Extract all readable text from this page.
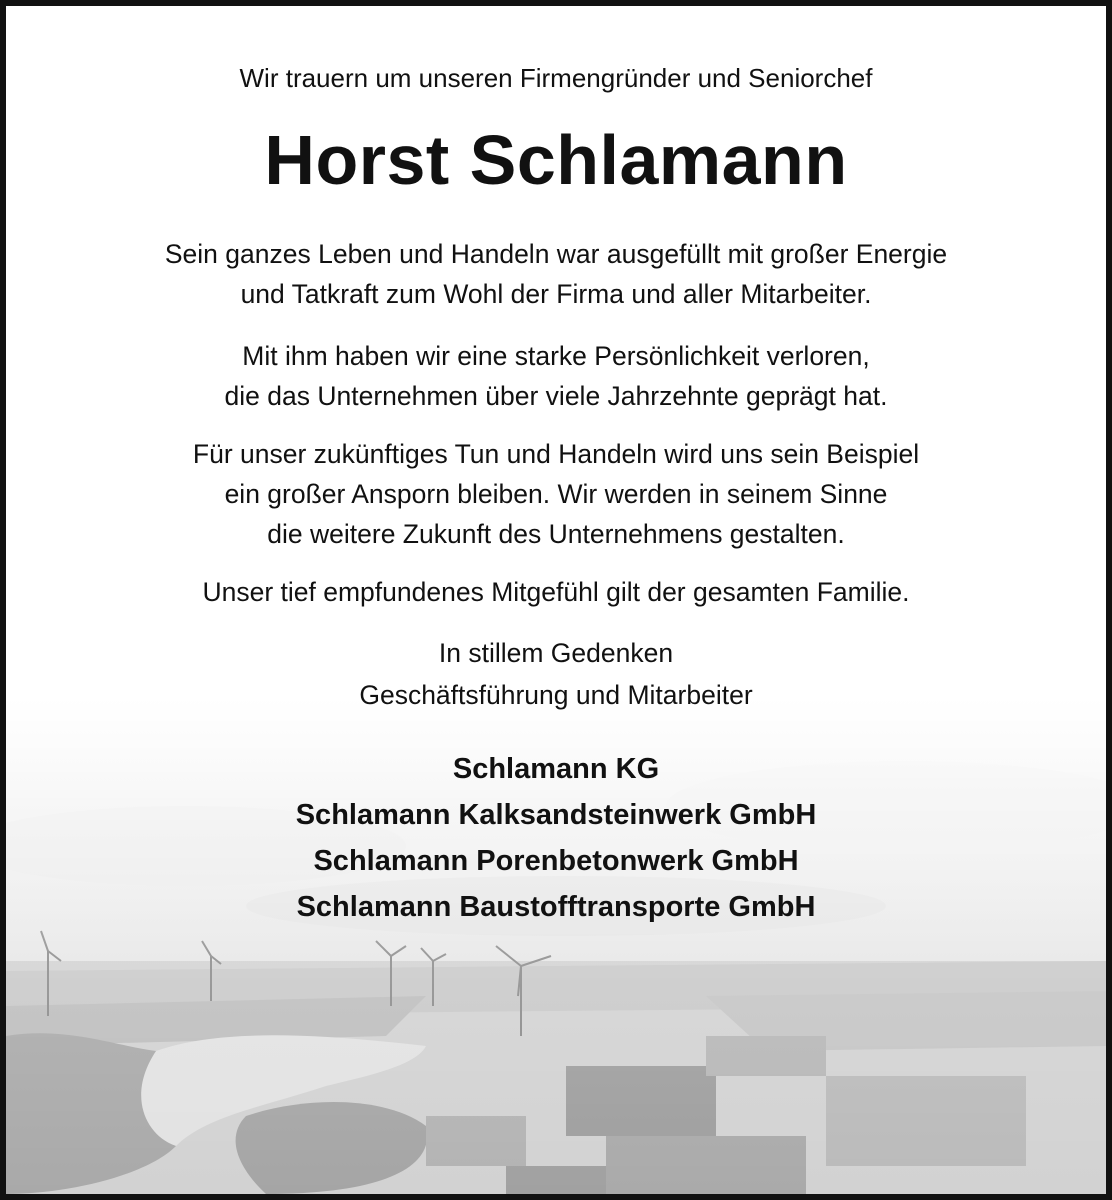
Wir trauern um unseren Firmengründer und Seniorchef
Horst Schlamann
Sein ganzes Leben und Handeln war ausgefüllt mit großer Energie
und Tatkraft zum Wohl der Firma und aller Mitarbeiter.
Mit ihm haben wir eine starke Persönlichkeit verloren,
die das Unternehmen über viele Jahrzehnte geprägt hat.
Für unser zukünftiges Tun und Handeln wird uns sein Beispiel
ein großer Ansporn bleiben. Wir werden in seinem Sinne
die weitere Zukunft des Unternehmens gestalten.
Unser tief empfundenes Mitgefühl gilt der gesamten Familie.
In stillem Gedenken
Geschäftsführung und Mitarbeiter
Schlamann KG
Schlamann Kalksandsteinwerk GmbH
Schlamann Porenbetonwerk GmbH
Schlamann Baustofftransporte GmbH
